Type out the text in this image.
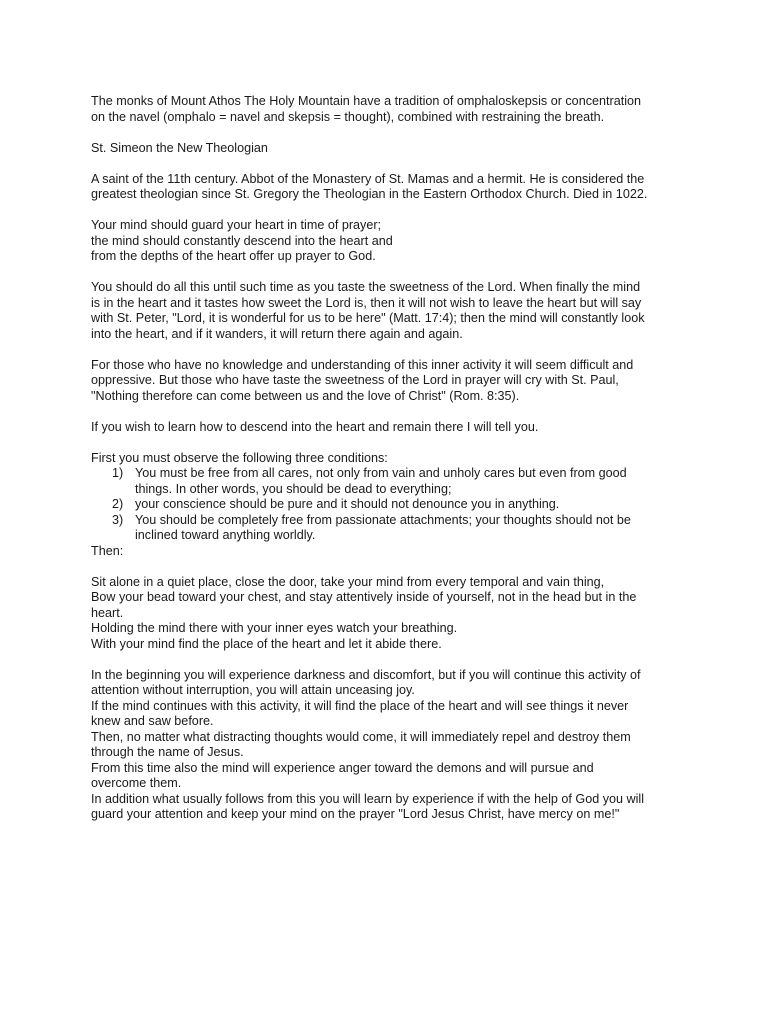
The monks of Mount Athos The Holy Mountain have a tradition of omphaloskepsis or concentration
on the navel (omphalo = navel and skepsis = thought), combined with restraining the breath.

St. Simeon the New Theologian

A saint of the 11th century. Abbot of the Monastery of St. Mamas and a hermit. He is considered the
greatest theologian since St. Gregory the Theologian in the Eastern Orthodox Church. Died in 1022.

Your mind should guard your heart in time of prayer;
the mind should constantly descend into the heart and
from the depths of the heart offer up prayer to God.

You should do all this until such time as you taste the sweetness of the Lord. When finally the mind
is in the heart and it tastes how sweet the Lord is, then it will not wish to leave the heart but will say
with St. Peter, "Lord, it is wonderful for us to be here" (Matt. 17:4); then the mind will constantly look
into the heart, and if it wanders, it will return there again and again.

For those who have no knowledge and understanding of this inner activity it will seem difficult and
oppressive. But those who have taste the sweetness of the Lord in prayer will cry with St. Paul,
"Nothing therefore can come between us and the love of Christ" (Rom. 8:35).

If you wish to learn how to descend into the heart and remain there I will tell you.

First you must observe the following three conditions:
1) You must be free from all cares, not only from vain and unholy cares but even from good
things. In other words, you should be dead to everything;
2) your conscience should be pure and it should not denounce you in anything.
3) You should be completely free from passionate attachments; your thoughts should not be
inclined toward anything worldly.
Then:

Sit alone in a quiet place, close the door, take your mind from every temporal and vain thing,
Bow your bead toward your chest, and stay attentively inside of yourself, not in the head but in the
heart.
Holding the mind there with your inner eyes watch your breathing.
With your mind find the place of the heart and let it abide there.

In the beginning you will experience darkness and discomfort, but if you will continue this activity of
attention without interruption, you will attain unceasing joy.
If the mind continues with this activity, it will find the place of the heart and will see things it never
knew and saw before.
Then, no matter what distracting thoughts would come, it will immediately repel and destroy them
through the name of Jesus.
From this time also the mind will experience anger toward the demons and will pursue and
overcome them.
In addition what usually follows from this you will learn by experience if with the help of God you will
guard your attention and keep your mind on the prayer "Lord Jesus Christ, have mercy on me!"
